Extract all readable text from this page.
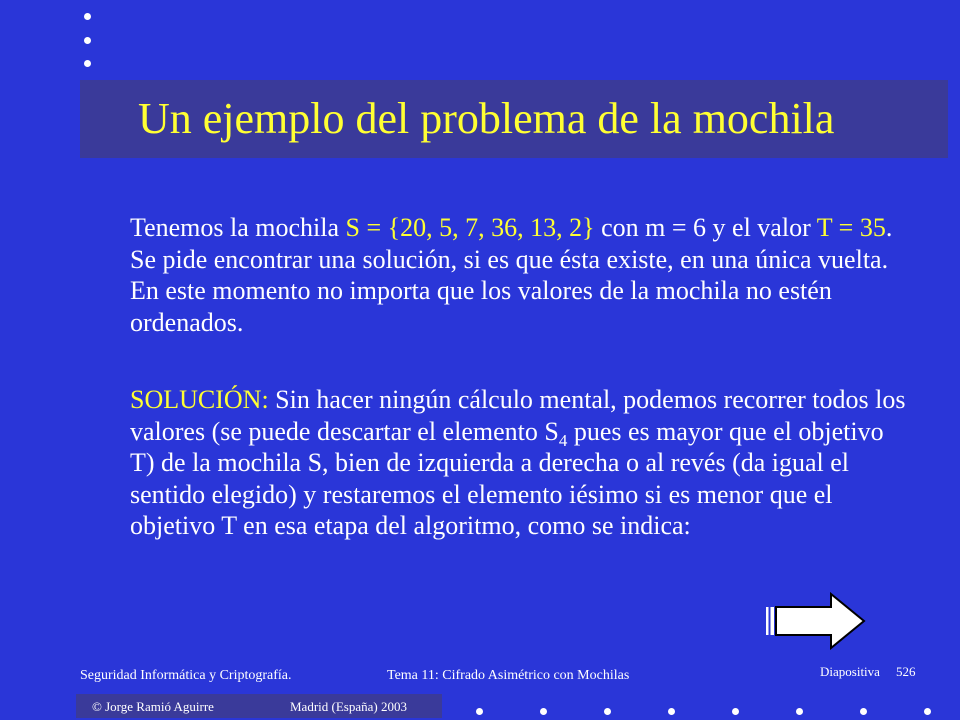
Un ejemplo del problema de la mochila

Tenemos la mochila S = {20, 5, 7, 36, 13, 2} con m = 6 y el valor T = 35. Se pide encontrar una solución, si es que ésta existe, en una única vuelta. En este momento no importa que los valores de la mochila no estén ordenados.

SOLUCIÓN: Sin hacer ningún cálculo mental, podemos recorrer todos los valores (se puede descartar el elemento $S_4$ pues es mayor que el objetivo T) de la mochila S, bien de izquierda a derecha o al revés (da igual el sentido elegido) y restaremos el elemento iésimo si es menor que el objetivo T en esa etapa del algoritmo, como se indica:

Seguridad Informática y Criptografía.	Tema 11: Cifrado Asimétrico con Mochilas	Diapositiva 526
© Jorge Ramió Aguirre	Madrid (España) 2003
